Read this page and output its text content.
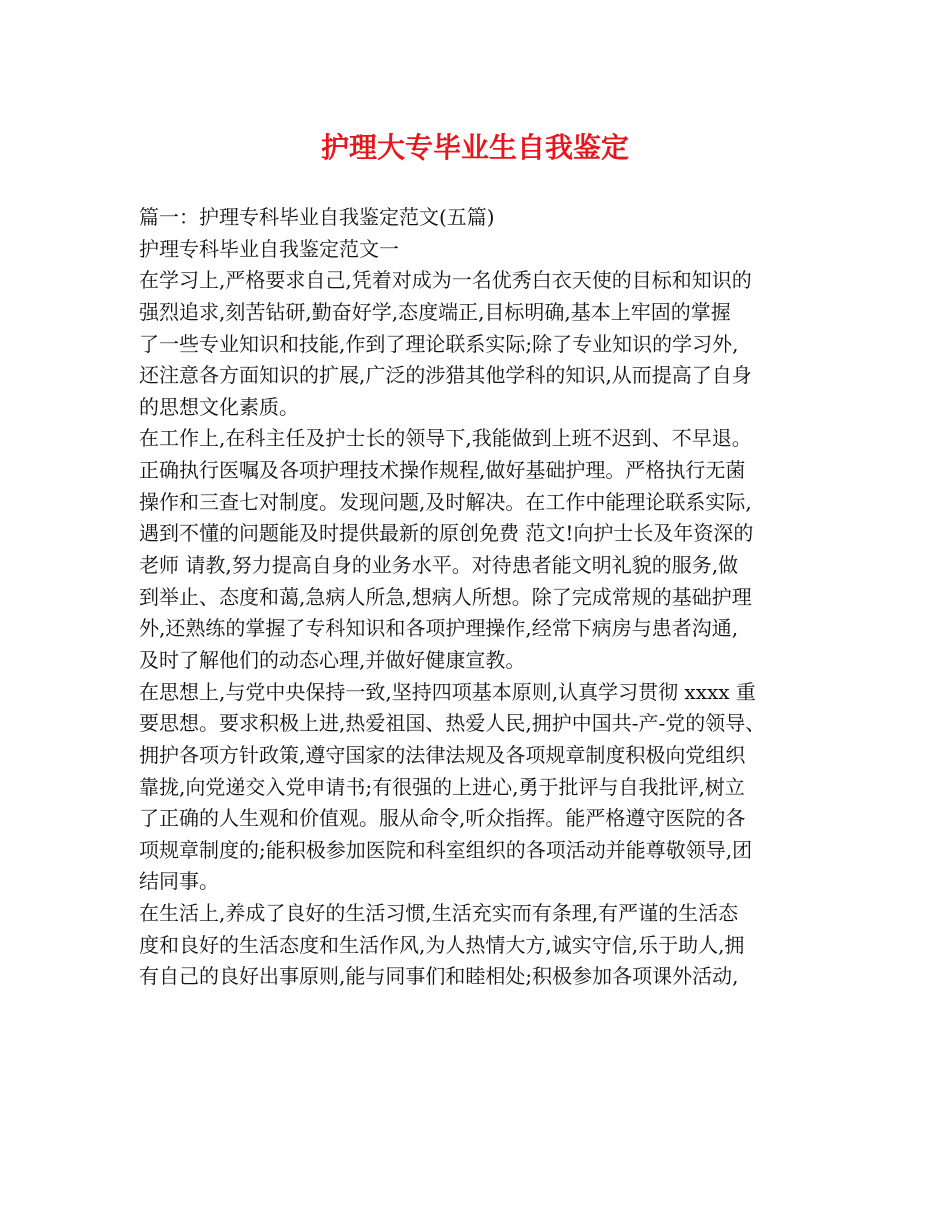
护理大专毕业生自我鉴定

篇一：护理专科毕业自我鉴定范文(五篇)

护理专科毕业自我鉴定范文一

在学习上,严格要求自己,凭着对成为一名优秀白衣天使的目标和知识的

强烈追求,刻苦钻研,勤奋好学,态度端正,目标明确,基本上牢固的掌握

了一些专业知识和技能,作到了理论联系实际;除了专业知识的学习外,

还注意各方面知识的扩展,广泛的涉猎其他学科的知识,从而提高了自身

的思想文化素质。

在工作上,在科主任及护士长的领导下,我能做到上班不迟到、不早退。

正确执行医嘱及各项护理技术操作规程,做好基础护理。严格执行无菌

操作和三查七对制度。发现问题,及时解决。在工作中能理论联系实际,

遇到不懂的问题能及时提供最新的原创免费 范文!向护士长及年资深的

老师 请教,努力提高自身的业务水平。对待患者能文明礼貌的服务,做

到举止、态度和蔼,急病人所急,想病人所想。除了完成常规的基础护理

外,还熟练的掌握了专科知识和各项护理操作,经常下病房与患者沟通,

及时了解他们的动态心理,并做好健康宣教。

在思想上,与党中央保持一致,坚持四项基本原则,认真学习贯彻 xxxx 重

要思想。要求积极上进,热爱祖国、热爱人民,拥护中国共-产-党的领导、

拥护各项方针政策,遵守国家的法律法规及各项规章制度积极向党组织

靠拢,向党递交入党申请书;有很强的上进心,勇于批评与自我批评,树立

了正确的人生观和价值观。服从命令,听众指挥。能严格遵守医院的各

项规章制度的;能积极参加医院和科室组织的各项活动并能尊敬领导,团

结同事。

在生活上,养成了良好的生活习惯,生活充实而有条理,有严谨的生活态

度和良好的生活态度和生活作风,为人热情大方,诚实守信,乐于助人,拥

有自己的良好出事原则,能与同事们和睦相处;积极参加各项课外活动,
